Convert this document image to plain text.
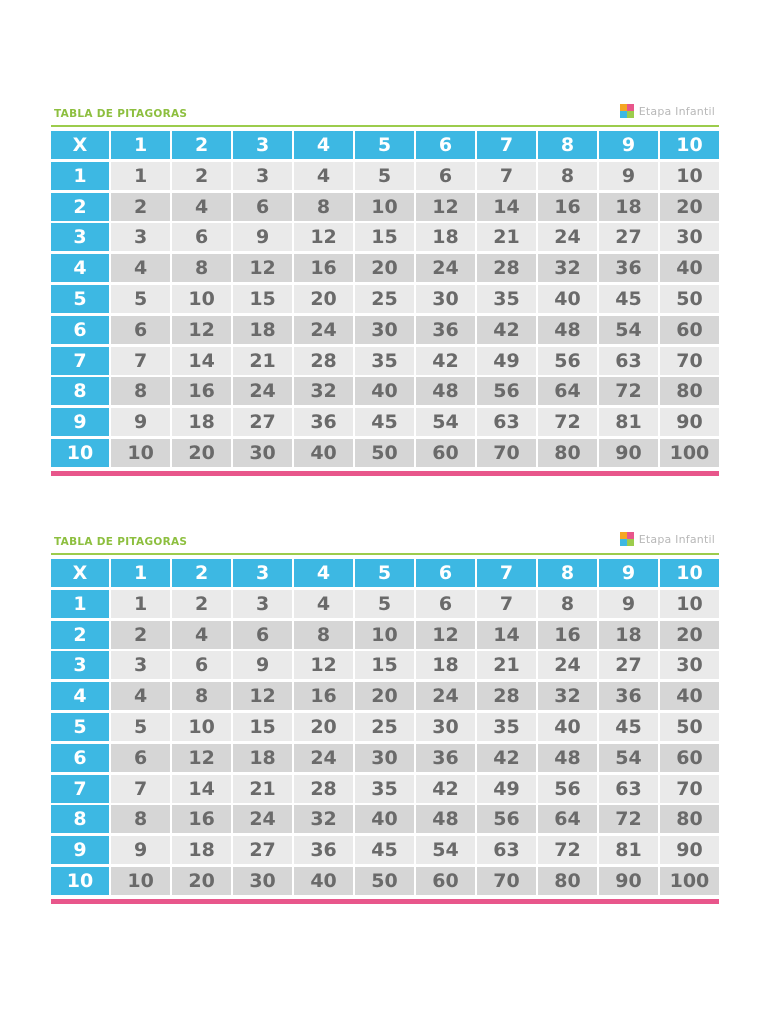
TABLA DE PITAGORAS	Etapa Infantil
X	1	2	3	4	5	6	7	8	9	10
1	1	2	3	4	5	6	7	8	9	10
2	2	4	6	8	10	12	14	16	18	20
3	3	6	9	12	15	18	21	24	27	30
4	4	8	12	16	20	24	28	32	36	40
5	5	10	15	20	25	30	35	40	45	50
6	6	12	18	24	30	36	42	48	54	60
7	7	14	21	28	35	42	49	56	63	70
8	8	16	24	32	40	48	56	64	72	80
9	9	18	27	36	45	54	63	72	81	90
10	10	20	30	40	50	60	70	80	90	100
TABLA DE PITAGORAS	Etapa Infantil
X	1	2	3	4	5	6	7	8	9	10
1	1	2	3	4	5	6	7	8	9	10
2	2	4	6	8	10	12	14	16	18	20
3	3	6	9	12	15	18	21	24	27	30
4	4	8	12	16	20	24	28	32	36	40
5	5	10	15	20	25	30	35	40	45	50
6	6	12	18	24	30	36	42	48	54	60
7	7	14	21	28	35	42	49	56	63	70
8	8	16	24	32	40	48	56	64	72	80
9	9	18	27	36	45	54	63	72	81	90
10	10	20	30	40	50	60	70	80	90	100
